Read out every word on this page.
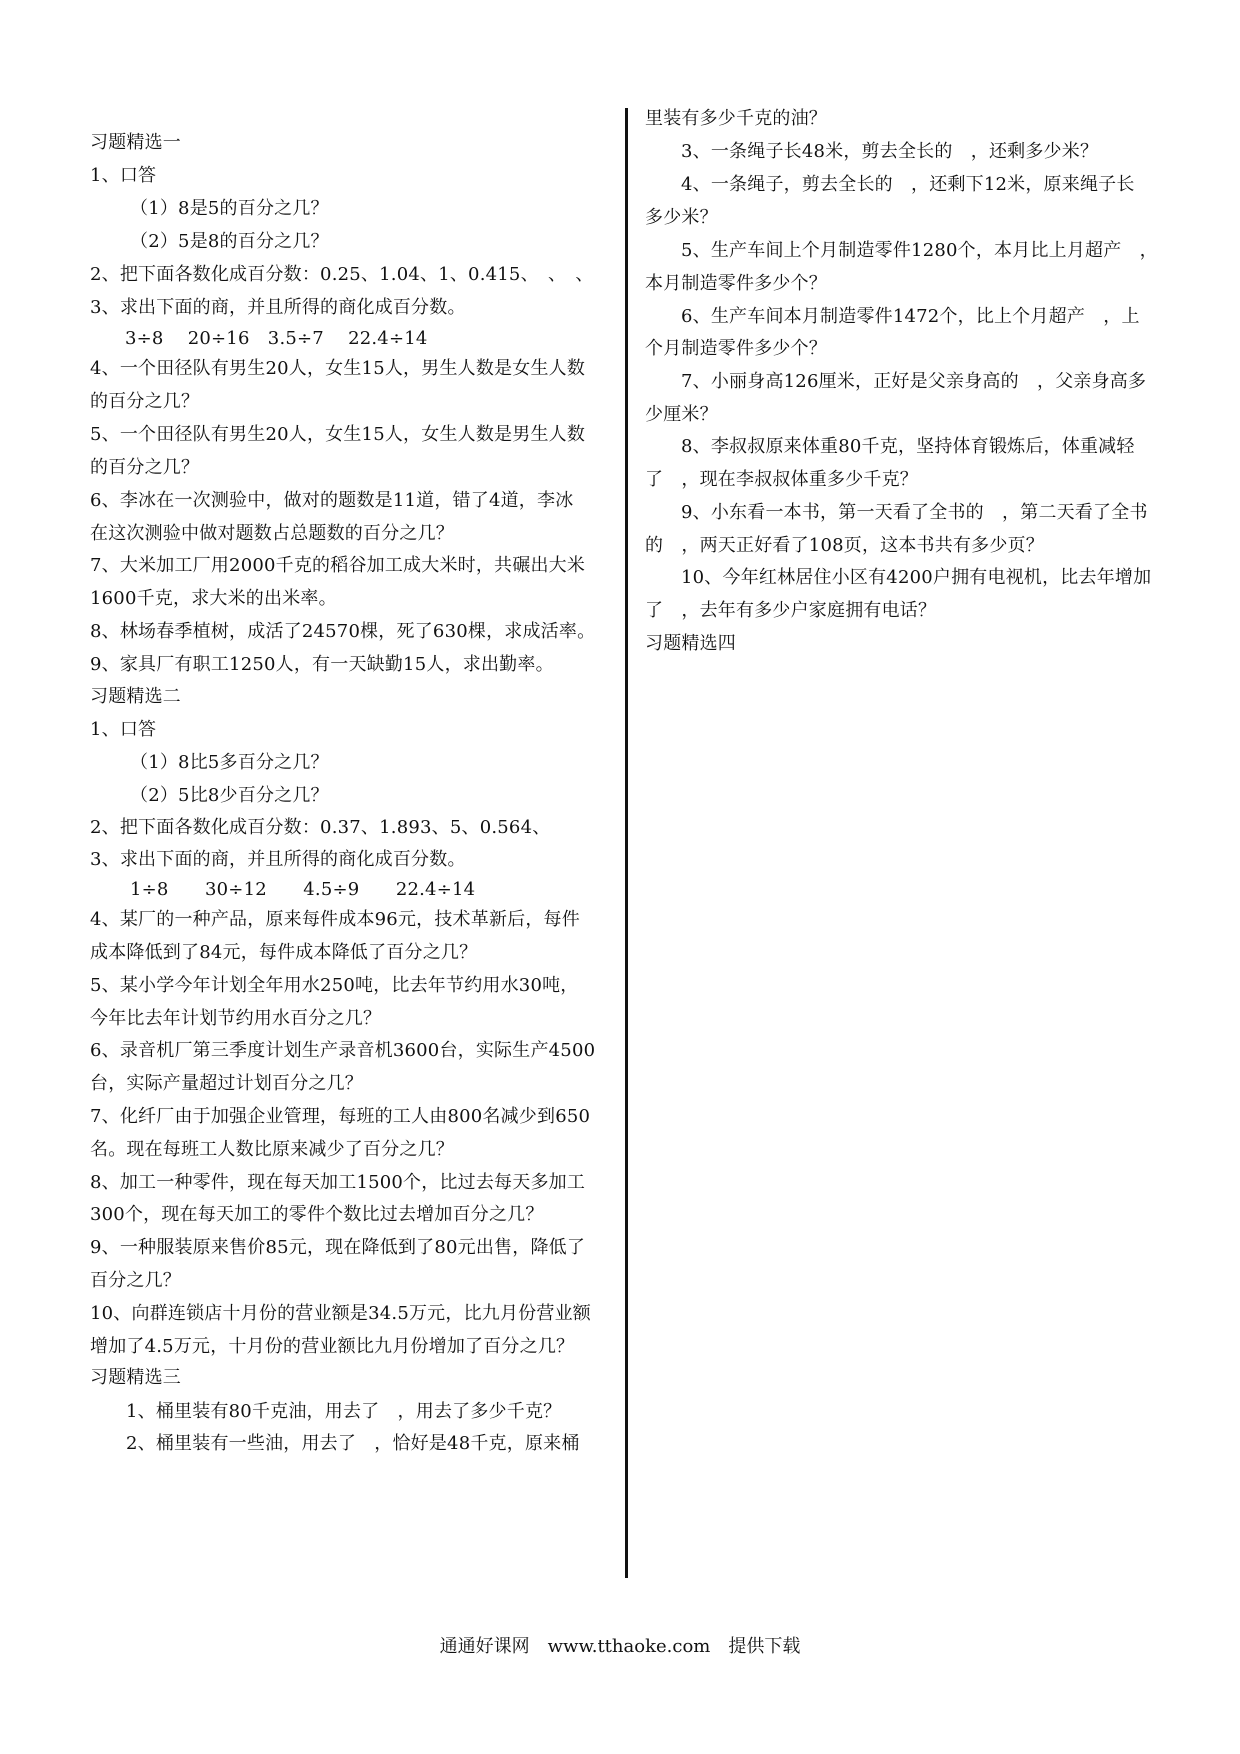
习题精选一
1、口答
（1）8是5的百分之几？
（2）5是8的百分之几？
2、把下面各数化成百分数：0.25、1.04、1、0.415、　、　、
3、求出下面的商，并且所得的商化成百分数。
3÷8　 20÷16　3.5÷7　 22.4÷14
4、一个田径队有男生20人，女生15人，男生人数是女生人数
的百分之几？
5、一个田径队有男生20人，女生15人，女生人数是男生人数
的百分之几？
6、李冰在一次测验中，做对的题数是11道，错了4道，李冰
在这次测验中做对题数占总题数的百分之几？
7、大米加工厂用2000千克的稻谷加工成大米时，共碾出大米
1600千克，求大米的出米率。
8、林场春季植树，成活了24570棵，死了630棵，求成活率。
9、家具厂有职工1250人，有一天缺勤15人，求出勤率。
习题精选二
1、口答
（1）8比5多百分之几？
（2）5比8少百分之几？
2、把下面各数化成百分数：0.37、1.893、5、0.564、
3、求出下面的商，并且所得的商化成百分数。
1÷8　　30÷12　　4.5÷9　　22.4÷14
4、某厂的一种产品，原来每件成本96元，技术革新后，每件
成本降低到了84元，每件成本降低了百分之几？
5、某小学今年计划全年用水250吨，比去年节约用水30吨，
今年比去年计划节约用水百分之几？
6、录音机厂第三季度计划生产录音机3600台，实际生产4500
台，实际产量超过计划百分之几？
7、化纤厂由于加强企业管理，每班的工人由800名减少到650
名。现在每班工人数比原来减少了百分之几？
8、加工一种零件，现在每天加工1500个，比过去每天多加工
300个，现在每天加工的零件个数比过去增加百分之几？
9、一种服装原来售价85元，现在降低到了80元出售，降低了
百分之几？
10、向群连锁店十月份的营业额是34.5万元，比九月份营业额
增加了4.5万元，十月份的营业额比九月份增加了百分之几？
习题精选三
1、桶里装有80千克油，用去了　，用去了多少千克？
2、桶里装有一些油，用去了　，恰好是48千克，原来桶
里装有多少千克的油？
3、一条绳子长48米，剪去全长的　，还剩多少米？
4、一条绳子，剪去全长的　，还剩下12米，原来绳子长
多少米？
5、生产车间上个月制造零件1280个，本月比上月超产　，
本月制造零件多少个？
6、生产车间本月制造零件1472个，比上个月超产　，上
个月制造零件多少个？
7、小丽身高126厘米，正好是父亲身高的　，父亲身高多
少厘米？
8、李叔叔原来体重80千克，坚持体育锻炼后，体重减轻
了　，现在李叔叔体重多少千克？
9、小东看一本书，第一天看了全书的　，第二天看了全书
的　，两天正好看了108页，这本书共有多少页？
10、今年红林居住小区有4200户拥有电视机，比去年增加
了　，去年有多少户家庭拥有电话？
习题精选四
通通好课网　www.tthaoke.com　提供下载
